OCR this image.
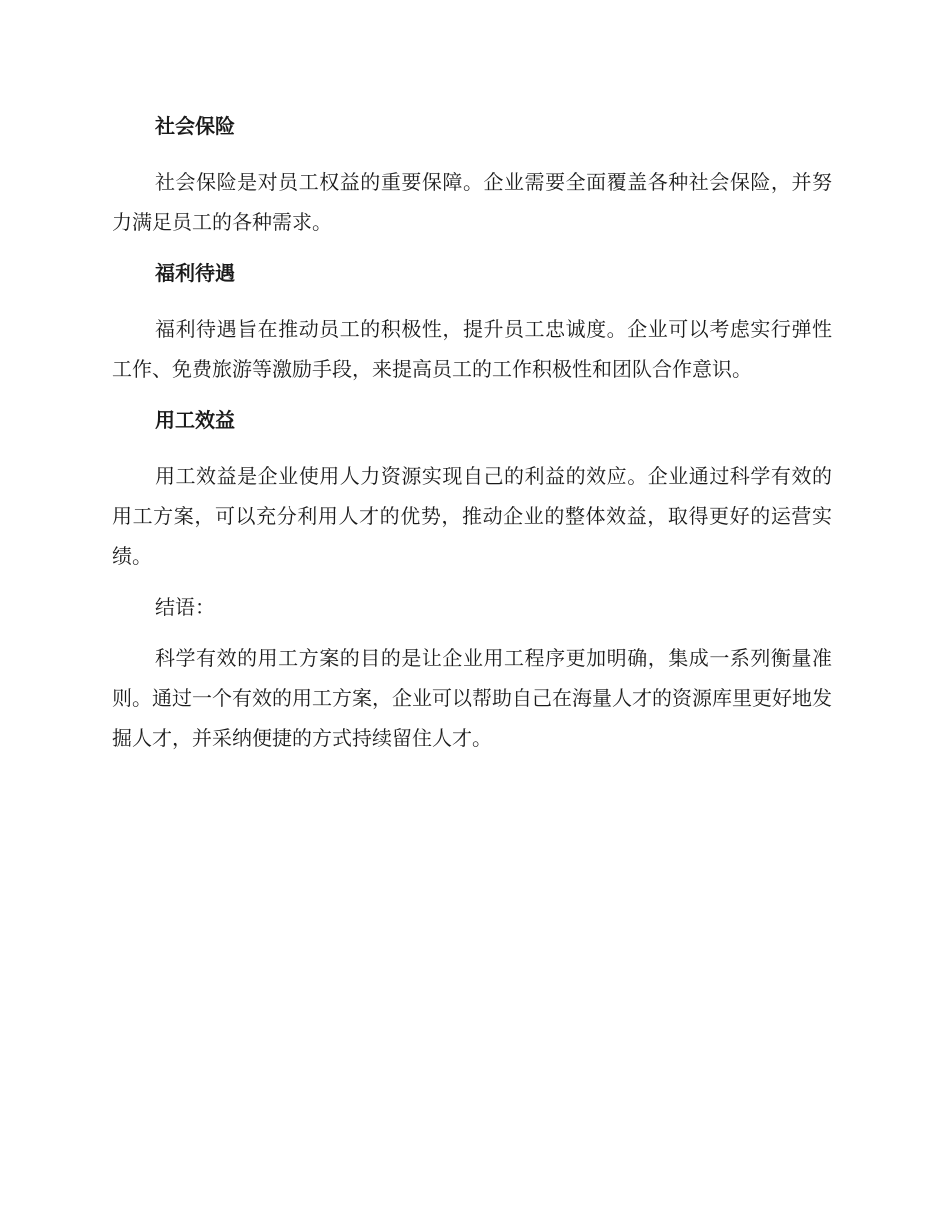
社会保险

社会保险是对员工权益的重要保障。企业需要全面覆盖各种社会保险，并努力满足员工的各种需求。

福利待遇

福利待遇旨在推动员工的积极性，提升员工忠诚度。企业可以考虑实行弹性工作、免费旅游等激励手段，来提高员工的工作积极性和团队合作意识。

用工效益

用工效益是企业使用人力资源实现自己的利益的效应。企业通过科学有效的用工方案，可以充分利用人才的优势，推动企业的整体效益，取得更好的运营实绩。

结语：

科学有效的用工方案的目的是让企业用工程序更加明确，集成一系列衡量准则。通过一个有效的用工方案，企业可以帮助自己在海量人才的资源库里更好地发掘人才，并采纳便捷的方式持续留住人才。
